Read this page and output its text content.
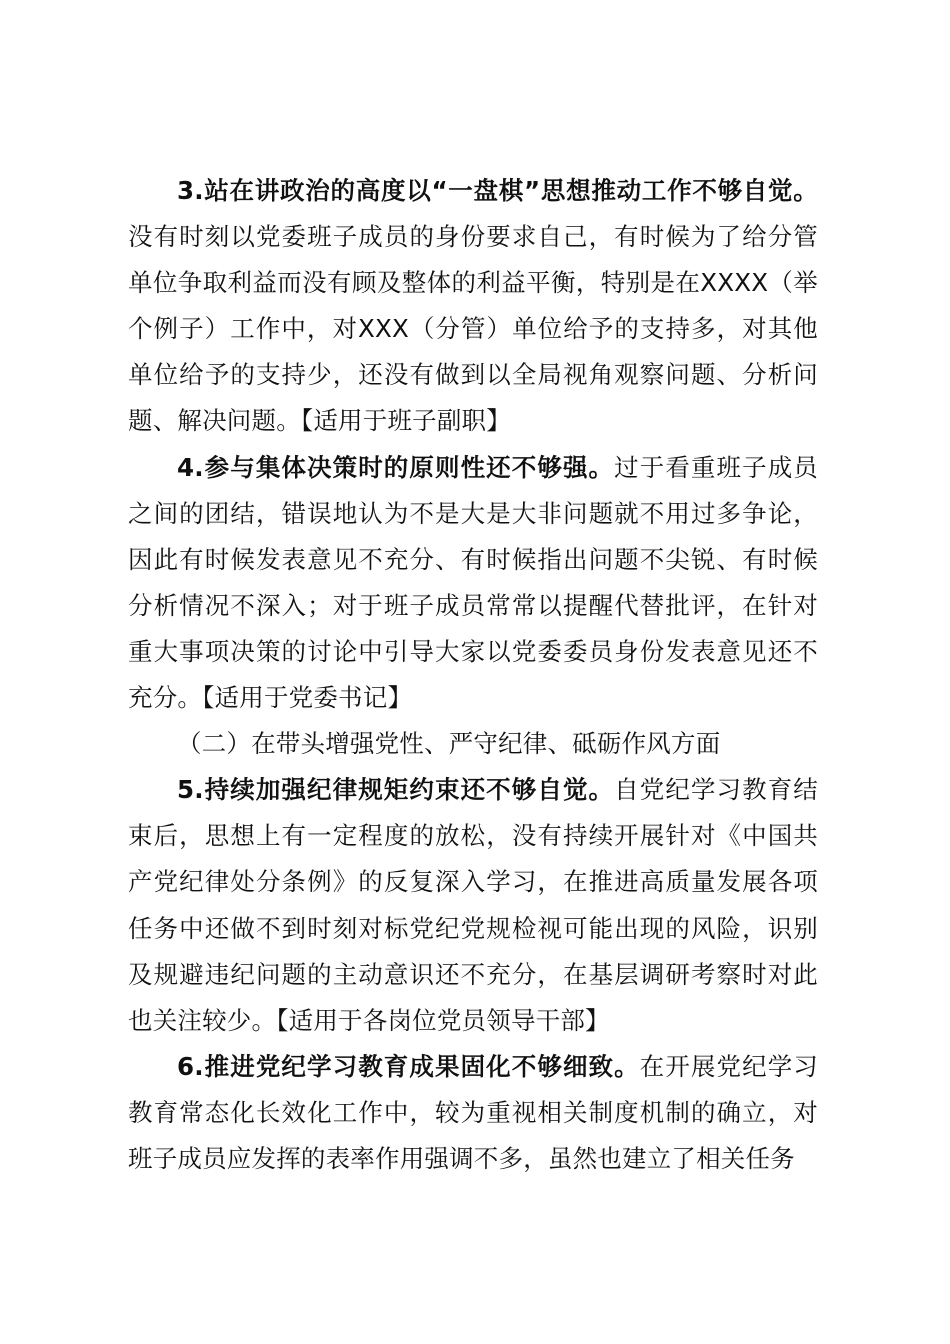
3.站在讲政治的高度以“一盘棋”思想推动工作不够自觉。没有时刻以党委班子成员的身份要求自己，有时候为了给分管单位争取利益而没有顾及整体的利益平衡，特别是在XXXX（举个例子）工作中，对XXX（分管）单位给予的支持多，对其他单位给予的支持少，还没有做到以全局视角观察问题、分析问题、解决问题。【适用于班子副职】

4.参与集体决策时的原则性还不够强。过于看重班子成员之间的团结，错误地认为不是大是大非问题就不用过多争论，因此有时候发表意见不充分、有时候指出问题不尖锐、有时候分析情况不深入；对于班子成员常常以提醒代替批评，在针对重大事项决策的讨论中引导大家以党委委员身份发表意见还不充分。【适用于党委书记】

（二）在带头增强党性、严守纪律、砥砺作风方面

5.持续加强纪律规矩约束还不够自觉。自党纪学习教育结束后，思想上有一定程度的放松，没有持续开展针对《中国共产党纪律处分条例》的反复深入学习，在推进高质量发展各项任务中还做不到时刻对标党纪党规检视可能出现的风险，识别及规避违纪问题的主动意识还不充分，在基层调研考察时对此也关注较少。【适用于各岗位党员领导干部】

6.推进党纪学习教育成果固化不够细致。在开展党纪学习教育常态化长效化工作中，较为重视相关制度机制的确立，对班子成员应发挥的表率作用强调不多，虽然也建立了相关任务
